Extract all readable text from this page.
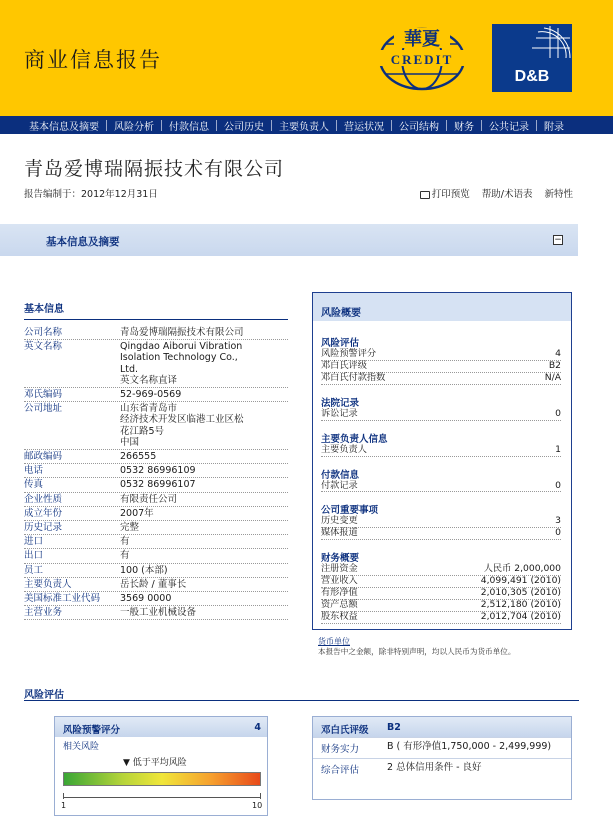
商业信息报告
華夏
CREDIT
D&B
基本信息及摘要	风险分析	付款信息	公司历史	主要负责人	营运状况	公司结构	财务	公共记录	附录
青岛爱博瑞隔振技术有限公司
报告编制于：2012年12月31日	打印预览 帮助/术语表 新特性
基本信息及摘要	−
基本信息
公司名称	青岛爱博瑞隔振技术有限公司
英文名称	Qingdao Aiborui Vibration
Isolation Technology Co.,
Ltd.
英文名称直译
邓氏编码	52-969-0569
公司地址	山东省青岛市
经济技术开发区临港工业区松
花江路5号
中国
邮政编码	266555
电话	0532 86996109
传真	0532 86996107
企业性质	有限责任公司
成立年份	2007年
历史记录	完整
进口	有
出口	有
员工	100 (本部)
主要负责人	岳长龄 / 董事长
美国标准工业代码	3569 0000
主营业务	一般工业机械设备
风险概要
风险评估
风险预警评分	4
邓白氏评级	B2
邓白氏付款指数	N/A
法院记录
诉讼记录	0
主要负责人信息
主要负责人	1
付款信息
付款记录	0
公司重要事项
历史变更	3
媒体报道	0
财务概要
注册资金	人民币 2,000,000
营业收入	4,099,491 (2010)
有形净值	2,010,305 (2010)
资产总额	2,512,180 (2010)
股东权益	2,012,704 (2010)
货币单位
本报告中之金额，除非特别声明，均以人民币为货币单位。
风险评估
风险预警评分	4
相关风险
▼ 低于平均风险
1	10
邓白氏评级	B2
财务实力	B ( 有形净值1,750,000 - 2,499,999)
综合评估	2 总体信用条件 - 良好
